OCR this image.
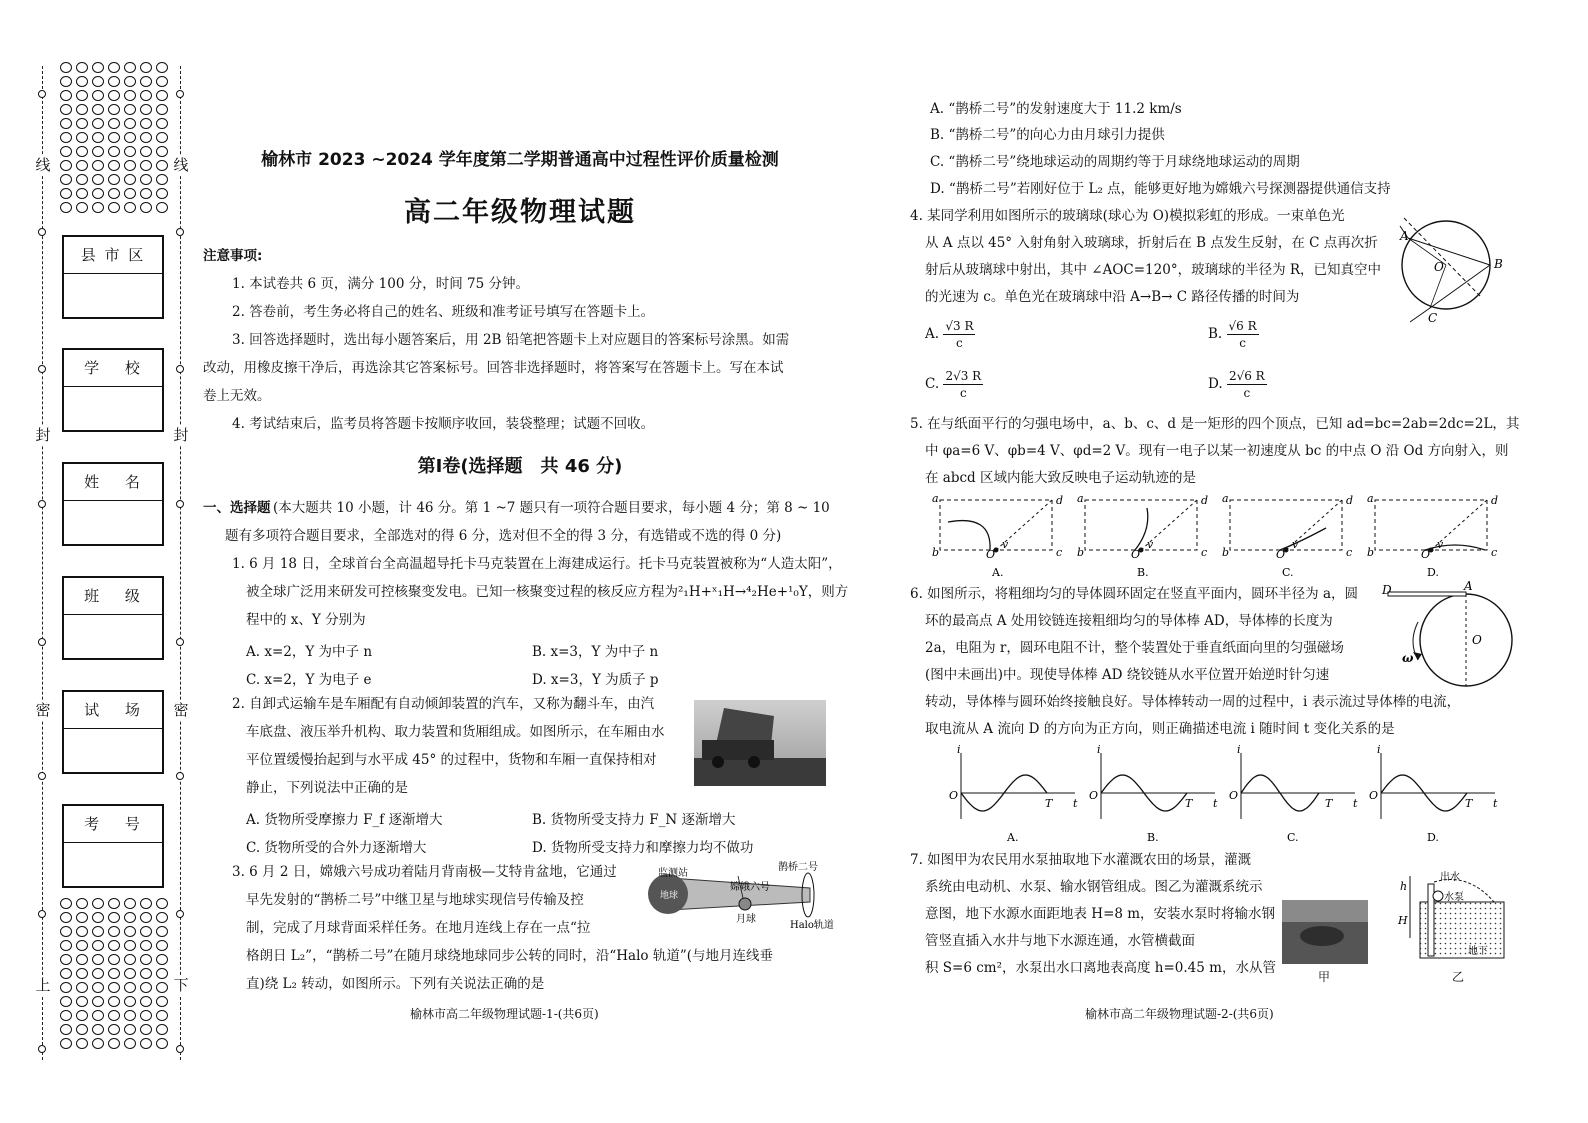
线
封
密
上
线
封
密
下
县 市 区
学　 校
姓　 名
班　 级
试　 场
考　 号
榆林市 2023 ~2024 学年度第二学期普通高中过程性评价质量检测
高二年级物理试题
注意事项:
1. 本试卷共 6 页，满分 100 分，时间 75 分钟。
2. 答卷前，考生务必将自己的姓名、班级和准考证号填写在答题卡上。
3. 回答选择题时，选出每小题答案后，用 2B 铅笔把答题卡上对应题目的答案标号涂黑。如需
改动，用橡皮擦干净后，再选涂其它答案标号。回答非选择题时，将答案写在答题卡上。写在本试
卷上无效。
4. 考试结束后，监考员将答题卡按顺序收回，装袋整理；试题不回收。
第Ⅰ卷(选择题　共 46 分)
一、选择题 (本大题共 10 小题，计 46 分。第 1 ~7 题只有一项符合题目要求，每小题 4 分；第 8 ~ 10
题有多项符合题目要求，全部选对的得 6 分，选对但不全的得 3 分，有选错或不选的得 0 分)
1. 6 月 18 日，全球首台全高温超导托卡马克装置在上海建成运行。托卡马克装置被称为“人造太阳”，
被全球广泛用来研发可控核聚变发电。已知一核聚变过程的核反应方程为²₁H+ˣ₁H→⁴₂He+¹₀Y，则方
程中的 x、Y 分别为
A. x=2，Y 为中子 n	B. x=3，Y 为中子 n
C. x=2，Y 为电子 e	D. x=3，Y 为质子 p
2. 自卸式运输车是车厢配有自动倾卸装置的汽车，又称为翻斗车，由汽
车底盘、液压举升机构、取力装置和货厢组成。如图所示，在车厢由水
平位置缓慢抬起到与水平成 45° 的过程中，货物和车厢一直保持相对
静止，下列说法中正确的是
A. 货物所受摩擦力 F_f 逐渐增大	B. 货物所受支持力 F_N 逐渐增大
C. 货物所受的合外力逐渐增大	D. 货物所受支持力和摩擦力均不做功
3. 6 月 2 日，嫦娥六号成功着陆月背南极—艾特肯盆地，它通过
早先发射的“鹊桥二号”中继卫星与地球实现信号传输及控
制，完成了月球背面采样任务。在地月连线上存在一点“拉
格朗日 L₂”，“鹊桥二号”在随月球绕地球同步公转的同时，沿“Halo 轨道”(与地月连线垂
直)绕 L₂ 转动，如图所示。下列有关说法正确的是
监测站
地球
嫦娥六号
月球
鹊桥二号
Halo轨道
榆林市高二年级物理试题-1-(共6页)
A. “鹊桥二号”的发射速度大于 11.2 km/s
B. “鹊桥二号”的向心力由月球引力提供
C. “鹊桥二号”绕地球运动的周期约等于月球绕地球运动的周期
D. “鹊桥二号”若刚好位于 L₂ 点，能够更好地为嫦娥六号探测器提供通信支持
4. 某同学利用如图所示的玻璃球(球心为 O)模拟彩虹的形成。一束单色光
从 A 点以 45° 入射角射入玻璃球，折射后在 B 点发生反射，在 C 点再次折
射后从玻璃球中射出，其中 ∠AOC=120°，玻璃球的半径为 R，已知真空中
的光速为 c。单色光在玻璃球中沿 A→B→ C 路径传播的时间为
A
O	B
C
A. $\frac{√3 R}{c}$	B. $\frac{√6 R}{c}$
C. $\frac{2√3 R}{c}$	D. $\frac{2√6 R}{c}$
5. 在与纸面平行的匀强电场中，a、b、c、d 是一矩形的四个顶点，已知 ad=bc=2ab=2dc=2L，其
中 φa=6 V、φb=4 V、φd=2 V。现有一电子以某一初速度从 bc 的中点 O 沿 Od 方向射入，则
在 abcd 区域内能大致反映电子运动轨迹的是
a	d
b	c
O
v
A.
a	d
b	c
O
v
B.
a	d
b	c
O
v
C.
a	d
b	c
O
v
D.
6. 如图所示，将粗细均匀的导体圆环固定在竖直平面内，圆环半径为 a，圆
环的最高点 A 处用铰链连接粗细均匀的导体棒 AD，导体棒的长度为
2a，电阻为 r，圆环电阻不计，整个装置处于垂直纸面向里的匀强磁场
(图中未画出)中。现使导体棒 AD 绕铰链从水平位置开始逆时针匀速
转动，导体棒与圆环始终接触良好。导体棒转动一周的过程中，i 表示流过导体棒的电流，
取电流从 A 流向 D 的方向为正方向，则正确描述电流 i 随时间 t 变化关系的是
D	A
O
ω
i
O
T t
A.
i
O
T t
B.
i
O
T t
C.
i
O
T t
D.
7. 如图甲为农民用水泵抽取地下水灌溉农田的场景，灌溉
系统由电动机、水泵、输水钢管组成。图乙为灌溉系统示
意图，地下水源水面距地表 H=8 m，安装水泵时将输水钢
管竖直插入水井与地下水源连通，水管横截面
积 S=6 cm²，水泵出水口离地表高度 h=0.45 m，水从管
甲
出水
水泵
h
H
地下
乙
榆林市高二年级物理试题-2-(共6页)
